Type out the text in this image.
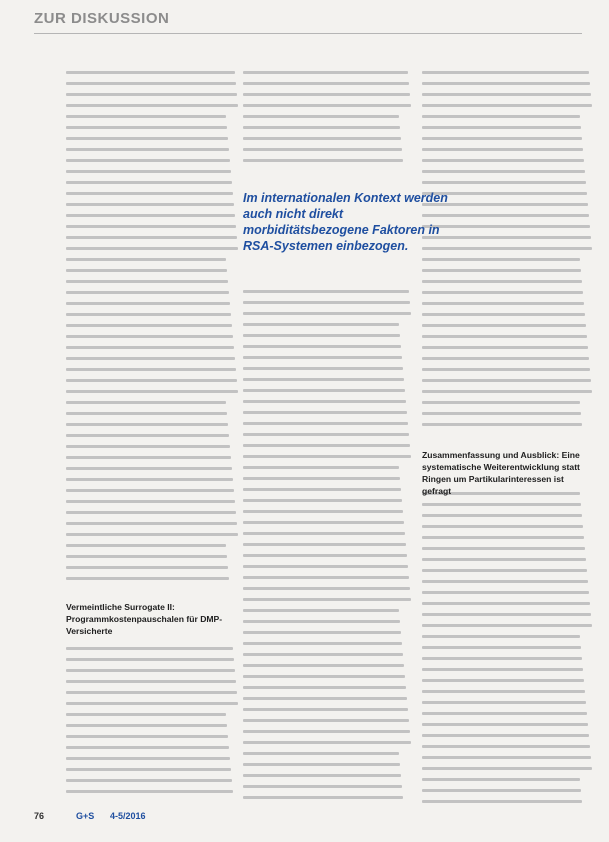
ZUR DISKUSSION
Im internationalen Kontext werden auch nicht direkt morbiditätsbezogene Faktoren in RSA-Systemen einbezogen.
Vermeintliche Surrogate II: Programmkostenpauschalen für DMP-Versicherte
Zusammenfassung und Ausblick: Eine systematische Weiterentwicklung statt Ringen um Partikularinteressen ist gefragt
76	G+S 4-5/2016
